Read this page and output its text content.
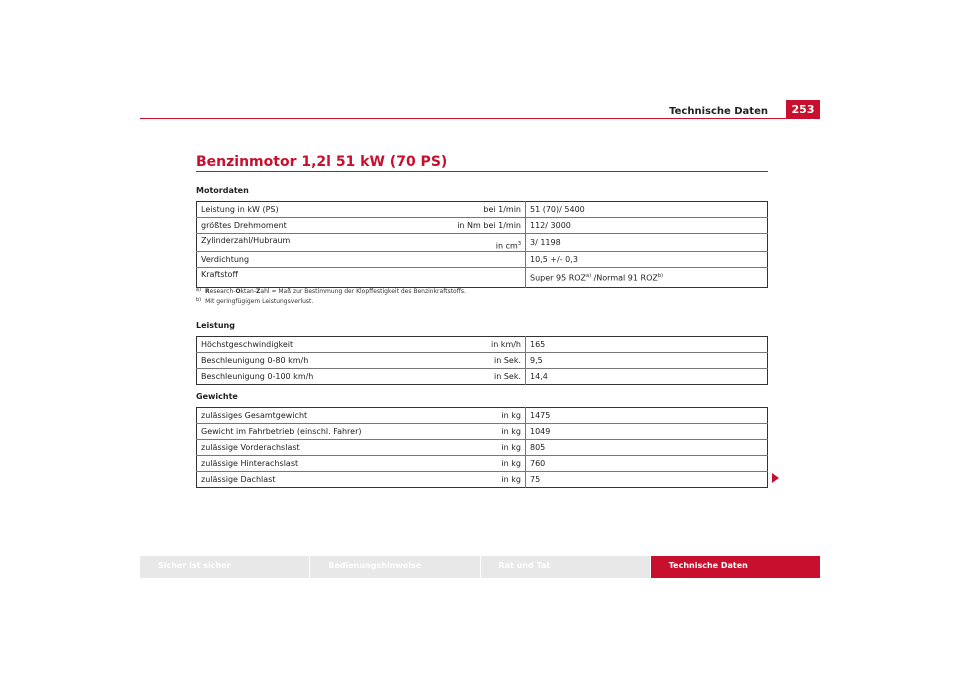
Technische Daten	253
Benzinmotor 1,2l 51 kW (70 PS)
Motordaten
Leistung in kW (PS)	bei 1/min	51 (70)/ 5400
größtes Drehmoment	in Nm bei 1/min	112/ 3000
Zylinderzahl/Hubraum	in $cm^3$	3/ 1198
Verdichtung		10,5 +/- 0,3
Kraftstoff		Super 95 ROZ$^{a)}$ /Normal 91 ROZ$^{b)}$
$^{a)}$ Research-Oktan-Zahl = Maß zur Bestimmung der Klopffestigkeit des Benzinkraftstoffs.
$^{b)}$ Mit geringfügigem Leistungsverlust.
Leistung
Höchstgeschwindigkeit	in km/h	165
Beschleunigung 0-80 km/h	in Sek.	9,5
Beschleunigung 0-100 km/h	in Sek.	14,4
Gewichte
zulässiges Gesamtgewicht	in kg	1475
Gewicht im Fahrbetrieb (einschl. Fahrer)	in kg	1049
zulässige Vorderachslast	in kg	805
zulässige Hinterachslast	in kg	760
zulässige Dachlast	in kg	75
Sicher ist sicher	Bedienungshinweise	Rat und Tat	Technische Daten
